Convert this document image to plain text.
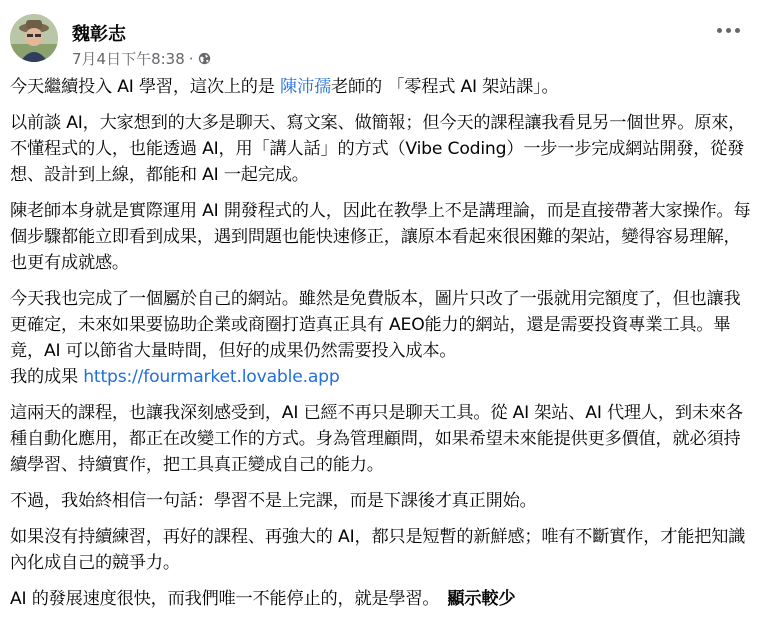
魏彰志
7月4日下午8:38 ·

今天繼續投入 AI 學習，這次上的是 陳沛孺老師的 「零程式 AI 架站課」。

以前談 AI，大家想到的大多是聊天、寫文案、做簡報；但今天的課程讓我看見另一個世界。原來，不懂程式的人，也能透過 AI，用「講人話」的方式（Vibe Coding）一步一步完成網站開發，從發想、設計到上線，都能和 AI 一起完成。

陳老師本身就是實際運用 AI 開發程式的人，因此在教學上不是講理論，而是直接帶著大家操作。每個步驟都能立即看到成果，遇到問題也能快速修正，讓原本看起來很困難的架站，變得容易理解，也更有成就感。

今天我也完成了一個屬於自己的網站。雖然是免費版本，圖片只改了一張就用完額度了，但也讓我更確定，未來如果要協助企業或商圈打造真正具有 AEO能力的網站，還是需要投資專業工具。畢竟，AI 可以節省大量時間，但好的成果仍然需要投入成本。
我的成果 https://fourmarket.lovable.app

這兩天的課程，也讓我深刻感受到，AI 已經不再只是聊天工具。從 AI 架站、AI 代理人，到未來各種自動化應用，都正在改變工作的方式。身為管理顧問，如果希望未來能提供更多價值，就必須持續學習、持續實作，把工具真正變成自己的能力。

不過，我始終相信一句話：學習不是上完課，而是下課後才真正開始。

如果沒有持續練習，再好的課程、再強大的 AI，都只是短暫的新鮮感；唯有不斷實作，才能把知識內化成自己的競爭力。

AI 的發展速度很快，而我們唯一不能停止的，就是學習。 顯示較少
